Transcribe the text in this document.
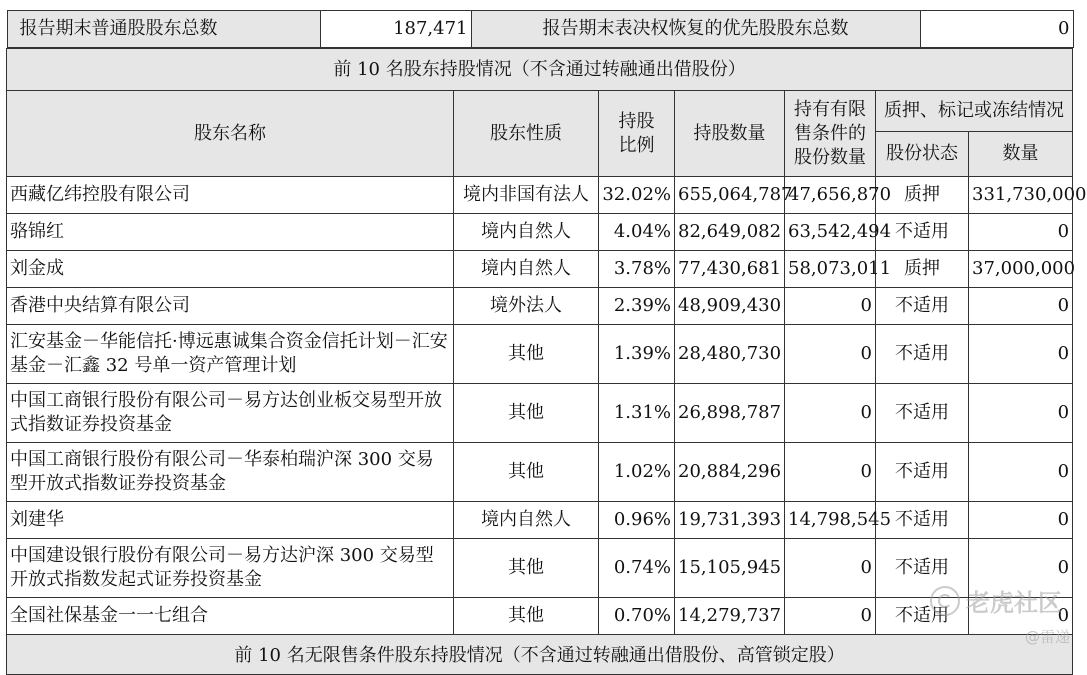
报告期末普通股股东总数	187,471	报告期末表决权恢复的优先股股东总数	0

前 10 名股东持股情况（不含通过转融通出借股份）
股东名称	股东性质	持股比例	持股数量	持有有限售条件的股份数量	质押、标记或冻结情况
股份状态	数量
西藏亿纬控股有限公司	境内非国有法人	32.02%	655,064,787	47,656,870	质押	331,730,000
骆锦红	境内自然人	4.04%	82,649,082	63,542,494	不适用	0
刘金成	境内自然人	3.78%	77,430,681	58,073,011	质押	37,000,000
香港中央结算有限公司	境外法人	2.39%	48,909,430	0	不适用	0
汇安基金－华能信托·博远惠诚集合资金信托计划－汇安基金－汇鑫 32 号单一资产管理计划	其他	1.39%	28,480,730	0	不适用	0
中国工商银行股份有限公司－易方达创业板交易型开放式指数证券投资基金	其他	1.31%	26,898,787	0	不适用	0
中国工商银行股份有限公司－华泰柏瑞沪深 300 交易型开放式指数证券投资基金	其他	1.02%	20,884,296	0	不适用	0
刘建华	境内自然人	0.96%	19,731,393	14,798,545	不适用	0
中国建设银行股份有限公司－易方达沪深 300 交易型开放式指数发起式证券投资基金	其他	0.74%	15,105,945	0	不适用	0
全国社保基金一一七组合	其他	0.70%	14,279,737	0	不适用	0
前 10 名无限售条件股东持股情况（不含通过转融通出借股份、高管锁定股）
老虎社区
@雷递
